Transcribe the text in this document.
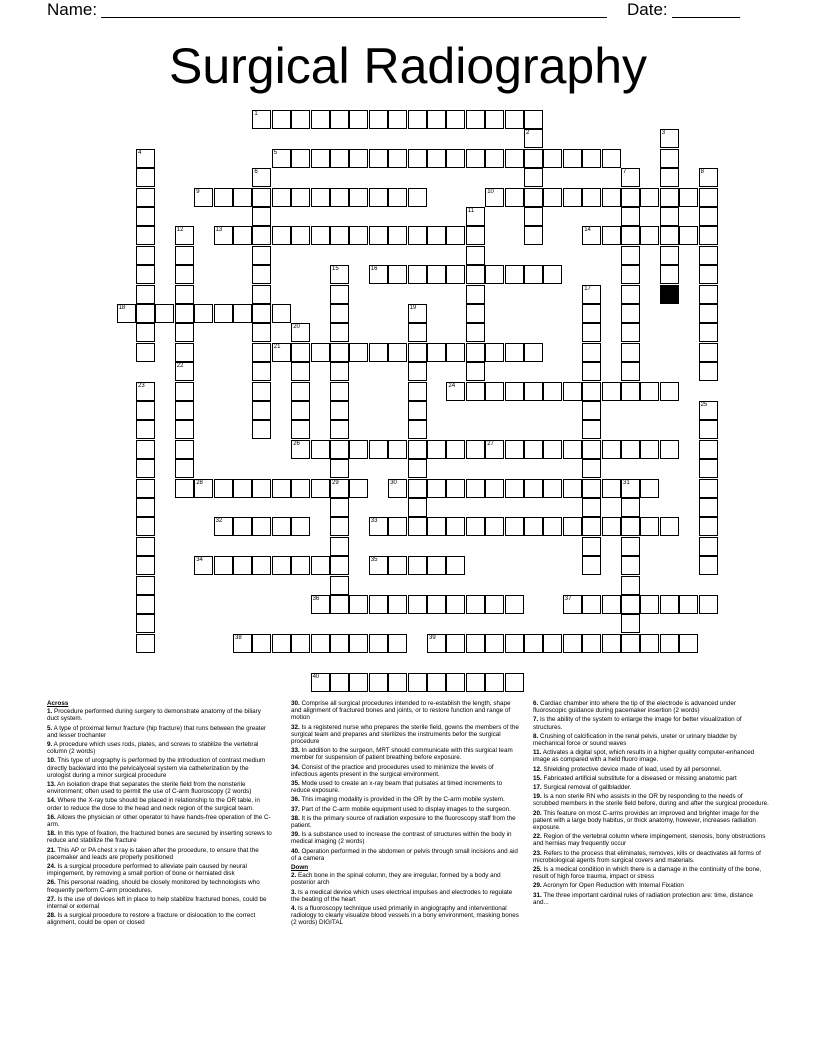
Name:	Date:
Surgical Radiography
1
2	3
4	5
6	7	8
9	10
11
12
22
13	14
15
29
16
17
18	19
20
21
23	24
25
26	27
28	30	31
32	33
34	35
36	37
38	39
40
Across
1. Procedure performed during surgery to demonstrate anatomy of the biliary duct system.
5. A type of proximal femur fracture (hip fracture) that runs between the greater and lesser trochanter
9. A procedure which uses rods, plates, and screws to stabilize the vertebral column (2 words)
10. This type of urography is performed by the introduction of contrast medium directly backward into the pelvicalyceal system via catheterization by the urologist during a minor surgical procedure
13. An isolation drape that separates the sterile field from the nonsterile environment; often used to permit the use of C-arm fluoroscopy (2 words)
14. Where the X-ray tube should be placed in relationship to the OR table, in order to reduce the dose to the head and neck region of the surgical team.
16. Allows the physician or other operator to have hands-free operation of the C-arm.
18. In this type of fixation, the fractured bones are secured by inserting screws to reduce and stabilize the fracture
21. This AP or PA chest x ray is taken after the procedure, to ensure that the pacemaker and leads are properly positioned
24. Is a surgical procedure performed to alleviate pain caused by neural impingement, by removing a small portion of bone or herniated disk
26. This personal reading, should be closely monitored by technologists who frequently perform C-arm procedures.
27. Is the use of devices left in place to help stabilize fractured bones, could be internal or external
28. Is a surgical procedure to restore a fracture or dislocation to the correct alignment, could be open or closed
30. Comprise all surgical procedures intended to re-establish the length, shape and alignment of fractured bones and joints, or to restore function and range of motion
32. Is a registered nurse who prepares the sterile field, gowns the members of the surgical team and prepares and sterilizes the instruments befor the surgical procedure
33. In addition to the surgeon, MRT should communicate with this surgical team member for suspension of patient breathing before exposure.
34. Consist of the practice and procedures used to minimize the levels of infectious agents present in the surgical environment.
35. Mode used to create an x-ray beam that pulsates at timed increments to reduce exposure.
36. This imaging modality is provided in the OR by the C-arm mobile system.
37. Part of the C-arm mobile equipment used to display images to the surgeon.
38. It is the primary source of radiation exposure to the fluoroscopy staff from the patient.
39. Is a substance used to increase the contrast of structures within the body in medical imaging (2 words)
40. Operation performed in the abdomen or pelvis through small incisions and aid of a camera
Down
2. Each bone in the spinal column, they are irregular, formed by a body and posterior arch
3. Is a medical device which uses electrical impulses and electrodes to regulate the beating of the heart
4. Is a fluoroscopy technique used primarily in angiography and interventional radiology to clearly visualize blood vessels in a bony environment, masking bones (2 words) DIGITAL
6. Cardiac chamber into where the tip of the electrode is advanced under fluoroscopic guidance during pacemaker insertion (2 words)
7. Is the ability of the system to enlarge the image for better visualization of structures.
8. Crushing of calcification in the renal pelvis, ureter or urinary bladder by mechanical force or sound waves
11. Activates a digital spot, which results in a higher quality computer-enhanced image as compared with a held fluoro image.
12. Shielding protective device made of lead, used by all personnel.
15. Fabricated artificial substitute for a diseased or missing anatomic part
17. Surgical removal of gallbladder.
19. Is a non sterile RN who assists in the OR by responding to the needs of scrubbed members in the sterile field before, during and after the surgical procedure.
20. This feature on most C-arms provides an improved and brighter image for the patient with a large body habitus, or thick anatomy, however, increases radiation exposure.
22. Region of the vertebral column where impingement, stenosis, bony obstructions and hernias may frequently occur
23. Refers to the process that eliminates, removes, kills or deactivates all forms of microbiological agents from surgical covers and materials.
25. Is a medical condition in which there is a damage in the continuity of the bone, result of high force trauma, impact or stress
29. Acronym for Open Reduction with Internal Fixation
31. The three important cardinal rules of radiation protection are: time, distance and...
